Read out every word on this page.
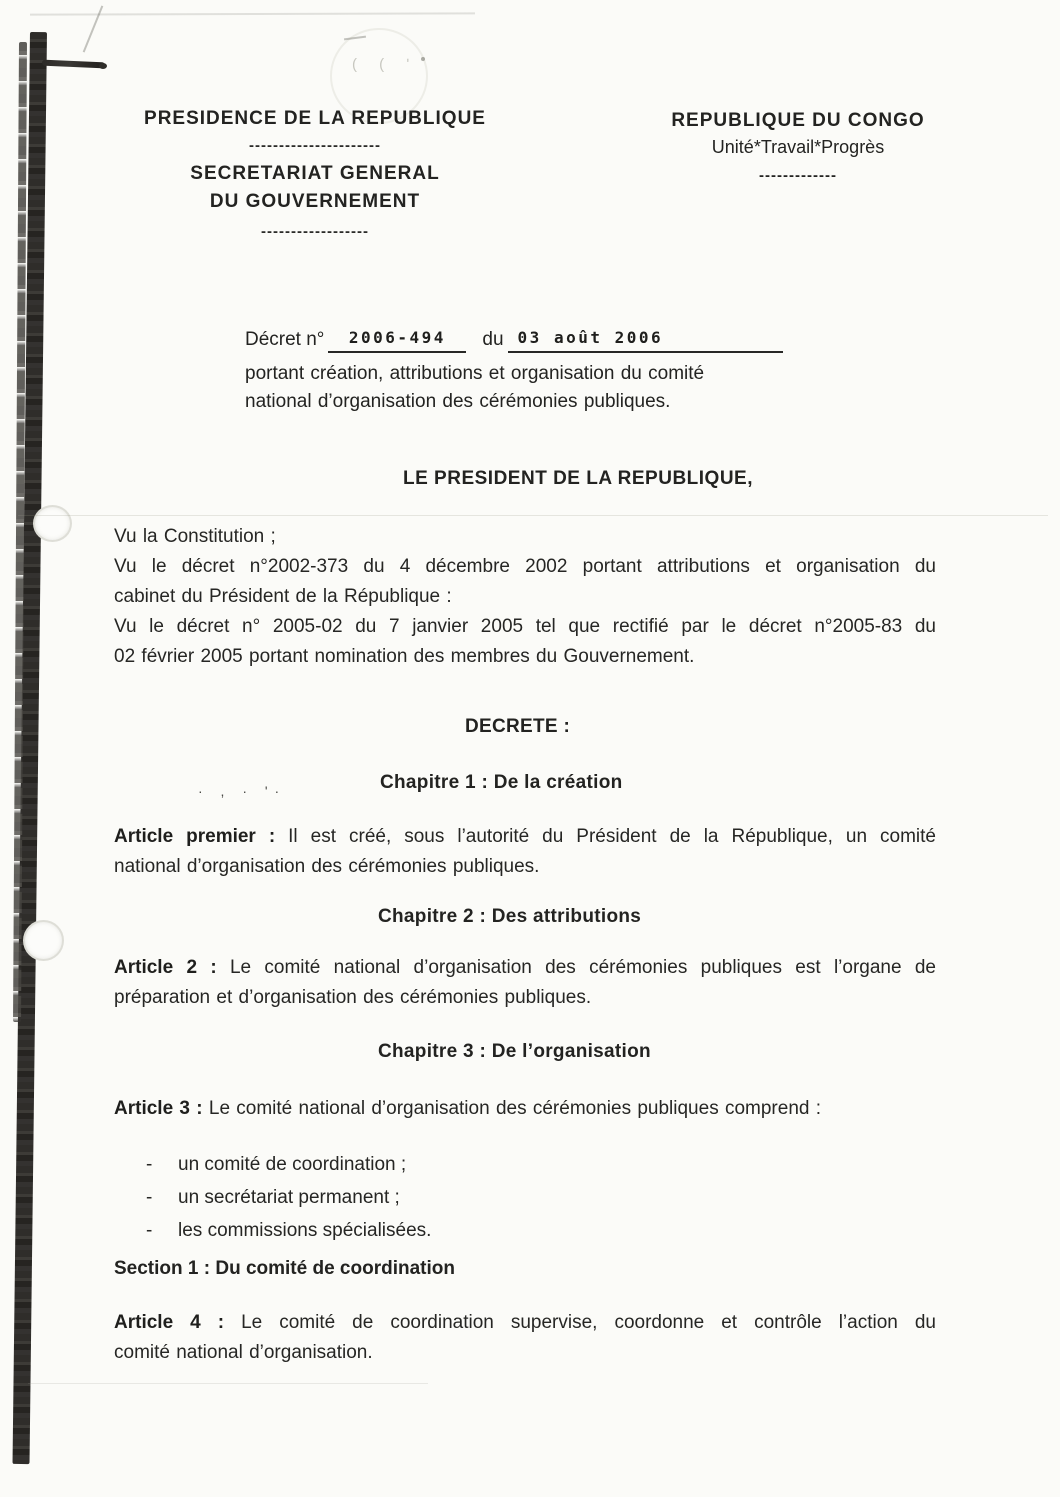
( ( ʹ
PRESIDENCE DE LA REPUBLIQUE
----------------------
SECRETARIAT GENERAL
DU GOUVERNEMENT
------------------
REPUBLIQUE DU CONGO
Unité*Travail*Progrès
-------------
Décret n°	2006-494	du 03 août 2006
portant création, attributions et organisation du comité
national d’organisation des cérémonies publiques.
LE PRESIDENT DE LA REPUBLIQUE,
Vu la Constitution ;
Vu le décret n°2002-373 du 4 décembre 2002 portant attributions et organisation du
cabinet du Président de la République :
Vu le décret n° 2005-02 du 7 janvier 2005 tel que rectifié par le décret n°2005-83 du
02 février 2005 portant nomination des membres du Gouvernement.
DECRETE :
Chapitre 1 : De la création
· , · ʹ·
Article premier : Il est créé, sous l’autorité du Président de la République, un comité
national d’organisation des cérémonies publiques.
Chapitre 2 : Des attributions
Article 2 : Le comité national d’organisation des cérémonies publiques est l’organe de
préparation et d’organisation des cérémonies publiques.
Chapitre 3 : De l’organisation
Article 3 : Le comité national d’organisation des cérémonies publiques comprend :
-	un comité de coordination ;
-	un secrétariat permanent ;
-	les commissions spécialisées.
Section 1 : Du comité de coordination
Article 4 : Le comité de coordination supervise, coordonne et contrôle l’action du
comité national d’organisation.
